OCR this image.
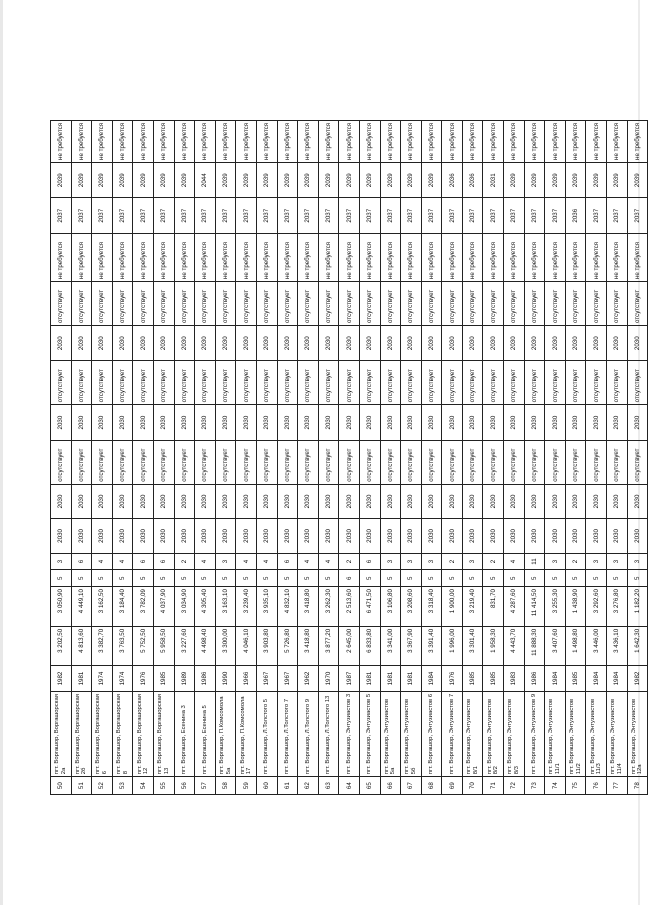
50	пгт. Воргашор, Воргашорская 2а	1982	3 202,50	3 050,90	5	3	2030	2030	отсутствует	2030	отсутствует	2030	отсутствует	не требуется	2037	2039	не требуется
51	пгт. Воргашор, Воргашорская 2б	1981	4 813,60	4 449,10	5	6	2030	2030	отсутствует	2030	отсутствует	2030	отсутствует	не требуется	2037	2039	не требуется
52	пгт. Воргашор, Воргашорская 6	1974	3 382,70	3 162,50	5	4	2030	2030	отсутствует	2030	отсутствует	2030	отсутствует	не требуется	2037	2039	не требуется
53	пгт. Воргашор, Воргашорская 8	1974	3 763,50	3 184,40	5	4	2030	2030	отсутствует	2030	отсутствует	2030	отсутствует	не требуется	2037	2039	не требуется
54	пгт. Воргашор, Воргашорская 12	1976	5 752,50	3 782,09	5	6	2030	2030	отсутствует	2030	отсутствует	2030	отсутствует	не требуется	2037	2039	не требуется
55	пгт. Воргашор, Воргашорская 13	1985	5 958,50	4 037,90	5	6	2030	2030	отсутствует	2030	отсутствует	2030	отсутствует	не требуется	2037	2039	не требуется
56	пгт. Воргашор, Есенина 3	1989	3 227,60	3 034,90	5	2	2030	2030	отсутствует	2030	отсутствует	2030	отсутствует	не требуется	2037	2039	не требуется
57	пгт. Воргашор, Есенина 5	1986	4 498,40	4 305,40	5	4	2030	2030	отсутствует	2030	отсутствует	2030	отсутствует	не требуется	2037	2044	не требуется
58	пгт. Воргашор, П.Комсомола 5а	1990	3 300,00	3 163,10	5	3	2030	2030	отсутствует	2030	отсутствует	2030	отсутствует	не требуется	2037	2039	не требуется
59	пгт. Воргашор, П.Комсомола 17	1966	4 046,10	3 239,40	5	4	2030	2030	отсутствует	2030	отсутствует	2030	отсутствует	не требуется	2037	2039	не требуется
60	пгт. Воргашор, Л.Толстого 5	1967	3 903,80	3 935,10	5	4	2030	2030	отсутствует	2030	отсутствует	2030	отсутствует	не требуется	2037	2039	не требуется
61	пгт. Воргашор, Л.Толстого 7	1967	5 726,80	4 832,10	5	6	2030	2030	отсутствует	2030	отсутствует	2030	отсутствует	не требуется	2037	2039	не требуется
62	пгт. Воргашор, Л.Толстого 9	1962	3 418,80	3 418,80	5	4	2030	2030	отсутствует	2030	отсутствует	2030	отсутствует	не требуется	2037	2039	не требуется
63	пгт. Воргашор, Л.Толстого 13	1970	3 877,20	3 262,30	5	4	2030	2030	отсутствует	2030	отсутствует	2030	отсутствует	не требуется	2037	2039	не требуется
64	пгт. Воргашор, Энтузиастов 3	1987	2 645,00	2 513,60	6	2	2030	2030	отсутствует	2030	отсутствует	2030	отсутствует	не требуется	2037	2039	не требуется
65	пгт. Воргашор, Энтузиастов 5	1981	6 833,80	6 471,50	5	6	2030	2030	отсутствует	2030	отсутствует	2030	отсутствует	не требуется	2037	2039	не требуется
66	пгт. Воргашор, Энтузиастов 5а	1981	3 341,00	3 106,80	5	3	2030	2030	отсутствует	2030	отсутствует	2030	отсутствует	не требуется	2037	2039	не требуется
67	пгт. Воргашор, Энтузиастов 5б	1981	3 367,90	3 208,60	5	3	2030	2030	отсутствует	2030	отсутствует	2030	отсутствует	не требуется	2037	2039	не требуется
68	пгт. Воргашор, Энтузиастов 6	1984	3 391,40	3 318,40	5	3	2030	2030	отсутствует	2030	отсутствует	2030	отсутствует	не требуется	2037	2039	не требуется
69	пгт. Воргашор, Энтузиастов 7	1976	1 996,00	1 900,00	5	2	2030	2030	отсутствует	2030	отсутствует	2030	отсутствует	не требуется	2037	2036	не требуется
70	пгт. Воргашор, Энтузиастов 8/1	1985	3 301,40	3 219,40	5	3	2030	2030	отсутствует	2030	отсутствует	2030	отсутствует	не требуется	2037	2036	не требуется
71	пгт. Воргашор, Энтузиастов 8/2	1985	1 958,30	831,70	5	2	2030	2030	отсутствует	2030	отсутствует	2030	отсутствует	не требуется	2037	2031	не требуется
72	пгт. Воргашор, Энтузиастов 8/3	1983	4 443,70	4 287,60	5	4	2030	2030	отсутствует	2030	отсутствует	2030	отсутствует	не требуется	2037	2039	не требуется
73	пгт. Воргашор, Энтузиастов 9	1986	11 888,30	11 414,50	5	11	2030	2030	отсутствует	2030	отсутствует	2030	отсутствует	не требуется	2037	2039	не требуется
74	пгт. Воргашор, Энтузиастов 11/1	1984	3 407,60	3 255,30	5	3	2030	2030	отсутствует	2030	отсутствует	2030	отсутствует	не требуется	2037	2039	не требуется
75	пгт. Воргашор, Энтузиастов 11/2	1985	1 498,80	1 438,90	5	2	2030	2030	отсутствует	2030	отсутствует	2030	отсутствует	не требуется	2036	2039	не требуется
76	пгт. Воргашор, Энтузиастов 11/3	1984	3 446,00	3 292,60	5	3	2030	2030	отсутствует	2030	отсутствует	2030	отсутствует	не требуется	2037	2039	не требуется
77	пгт. Воргашор, Энтузиастов 11/4	1984	3 436,10	3 276,80	5	3	2030	2030	отсутствует	2030	отсутствует	2030	отсутствует	не требуется	2037	2039	не требуется
78	пгт. Воргашор, Энтузиастов 12а	1982	1 642,30	1 182,20	5	3	2030	2030	отсутствует	2030	отсутствует	2030	отсутствует	не требуется	2037	2039	не требуется
